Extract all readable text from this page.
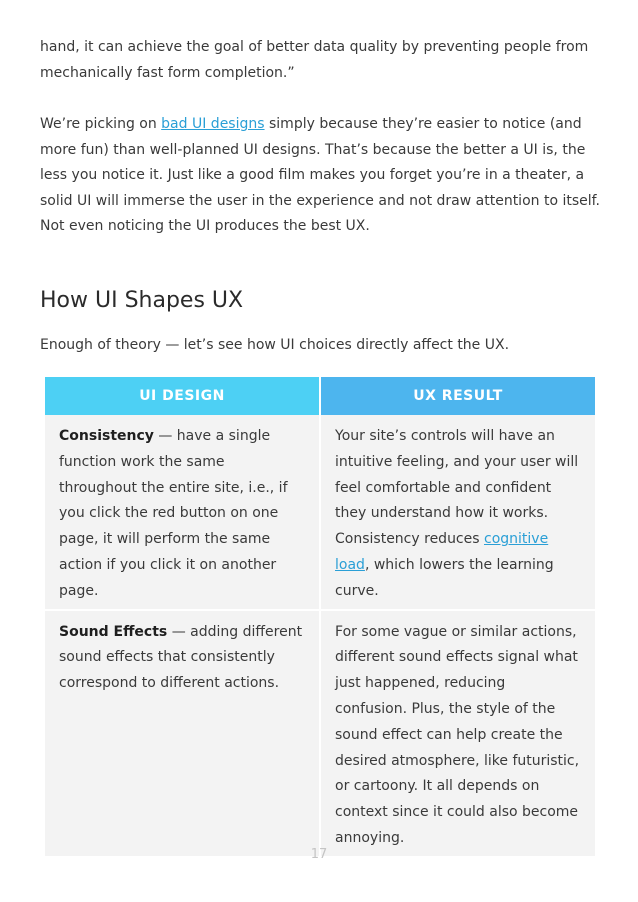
hand, it can achieve the goal of better data quality by preventing people from mechanically fast form completion.”

We’re picking on bad UI designs simply because they’re easier to notice (and more fun) than well-planned UI designs. That’s because the better a UI is, the less you notice it. Just like a good film makes you forget you’re in a theater, a solid UI will immerse the user in the experience and not draw attention to itself. Not even noticing the UI produces the best UX.

How UI Shapes UX

Enough of theory — let’s see how UI choices directly affect the UX.

UI DESIGN	UX RESULT
Consistency — have a single function work the same throughout the entire site, i.e., if you click the red button on one page, it will perform the same action if you click it on another page.	Your site’s controls will have an intuitive feeling, and your user will feel comfortable and confident they understand how it works. Consistency reduces cognitive load, which lowers the learning curve.
Sound Effects — adding different sound effects that consistently correspond to different actions.	For some vague or similar actions, different sound effects signal what just happened, reducing confusion. Plus, the style of the sound effect can help create the desired atmosphere, like futuristic, or cartoony. It all depends on context since it could also become annoying.
17
